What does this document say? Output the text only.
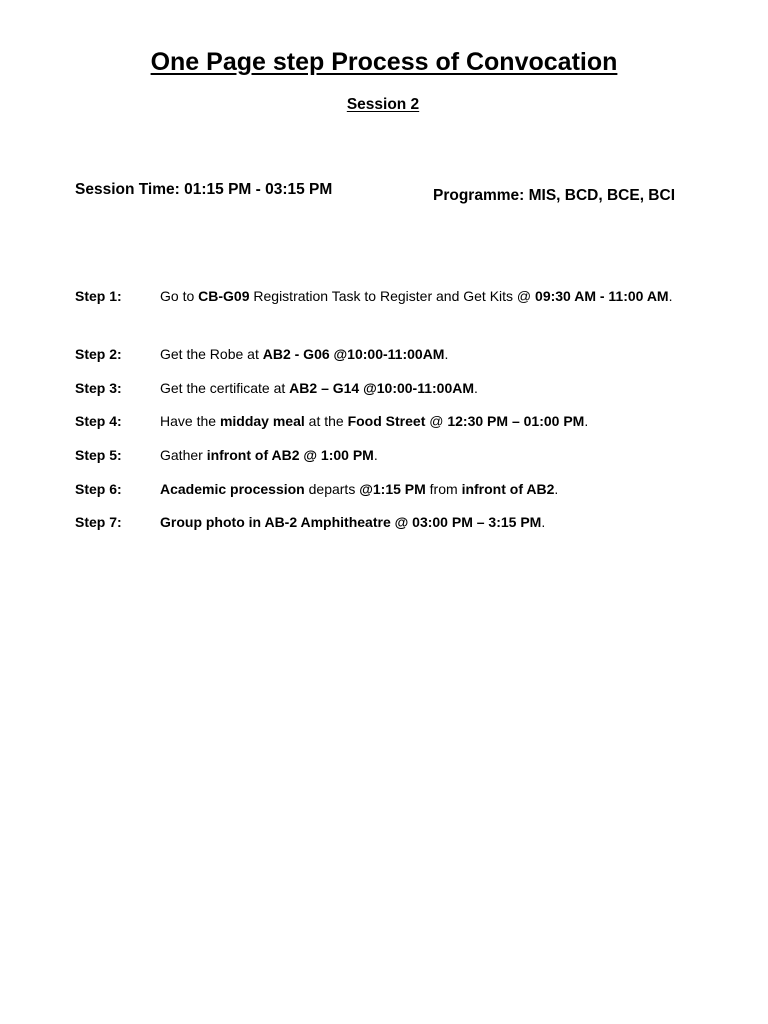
One Page step Process of Convocation
Session 2
Session Time: 01:15 PM - 03:15 PM	Programme: MIS, BCD, BCE, BCI
Step 1:	Go to CB-G09 Registration Task to Register and Get Kits @ 09:30 AM - 11:00 AM.
Step 2:	Get the Robe at AB2 - G06 @10:00-11:00AM.
Step 3:	Get the certificate at AB2 – G14 @10:00-11:00AM.
Step 4:	Have the midday meal at the Food Street @ 12:30 PM – 01:00 PM.
Step 5:	Gather infront of AB2 @ 1:00 PM.
Step 6:	Academic procession departs @1:15 PM from infront of AB2.
Step 7:	Group photo in AB-2 Amphitheatre @ 03:00 PM – 3:15 PM.
